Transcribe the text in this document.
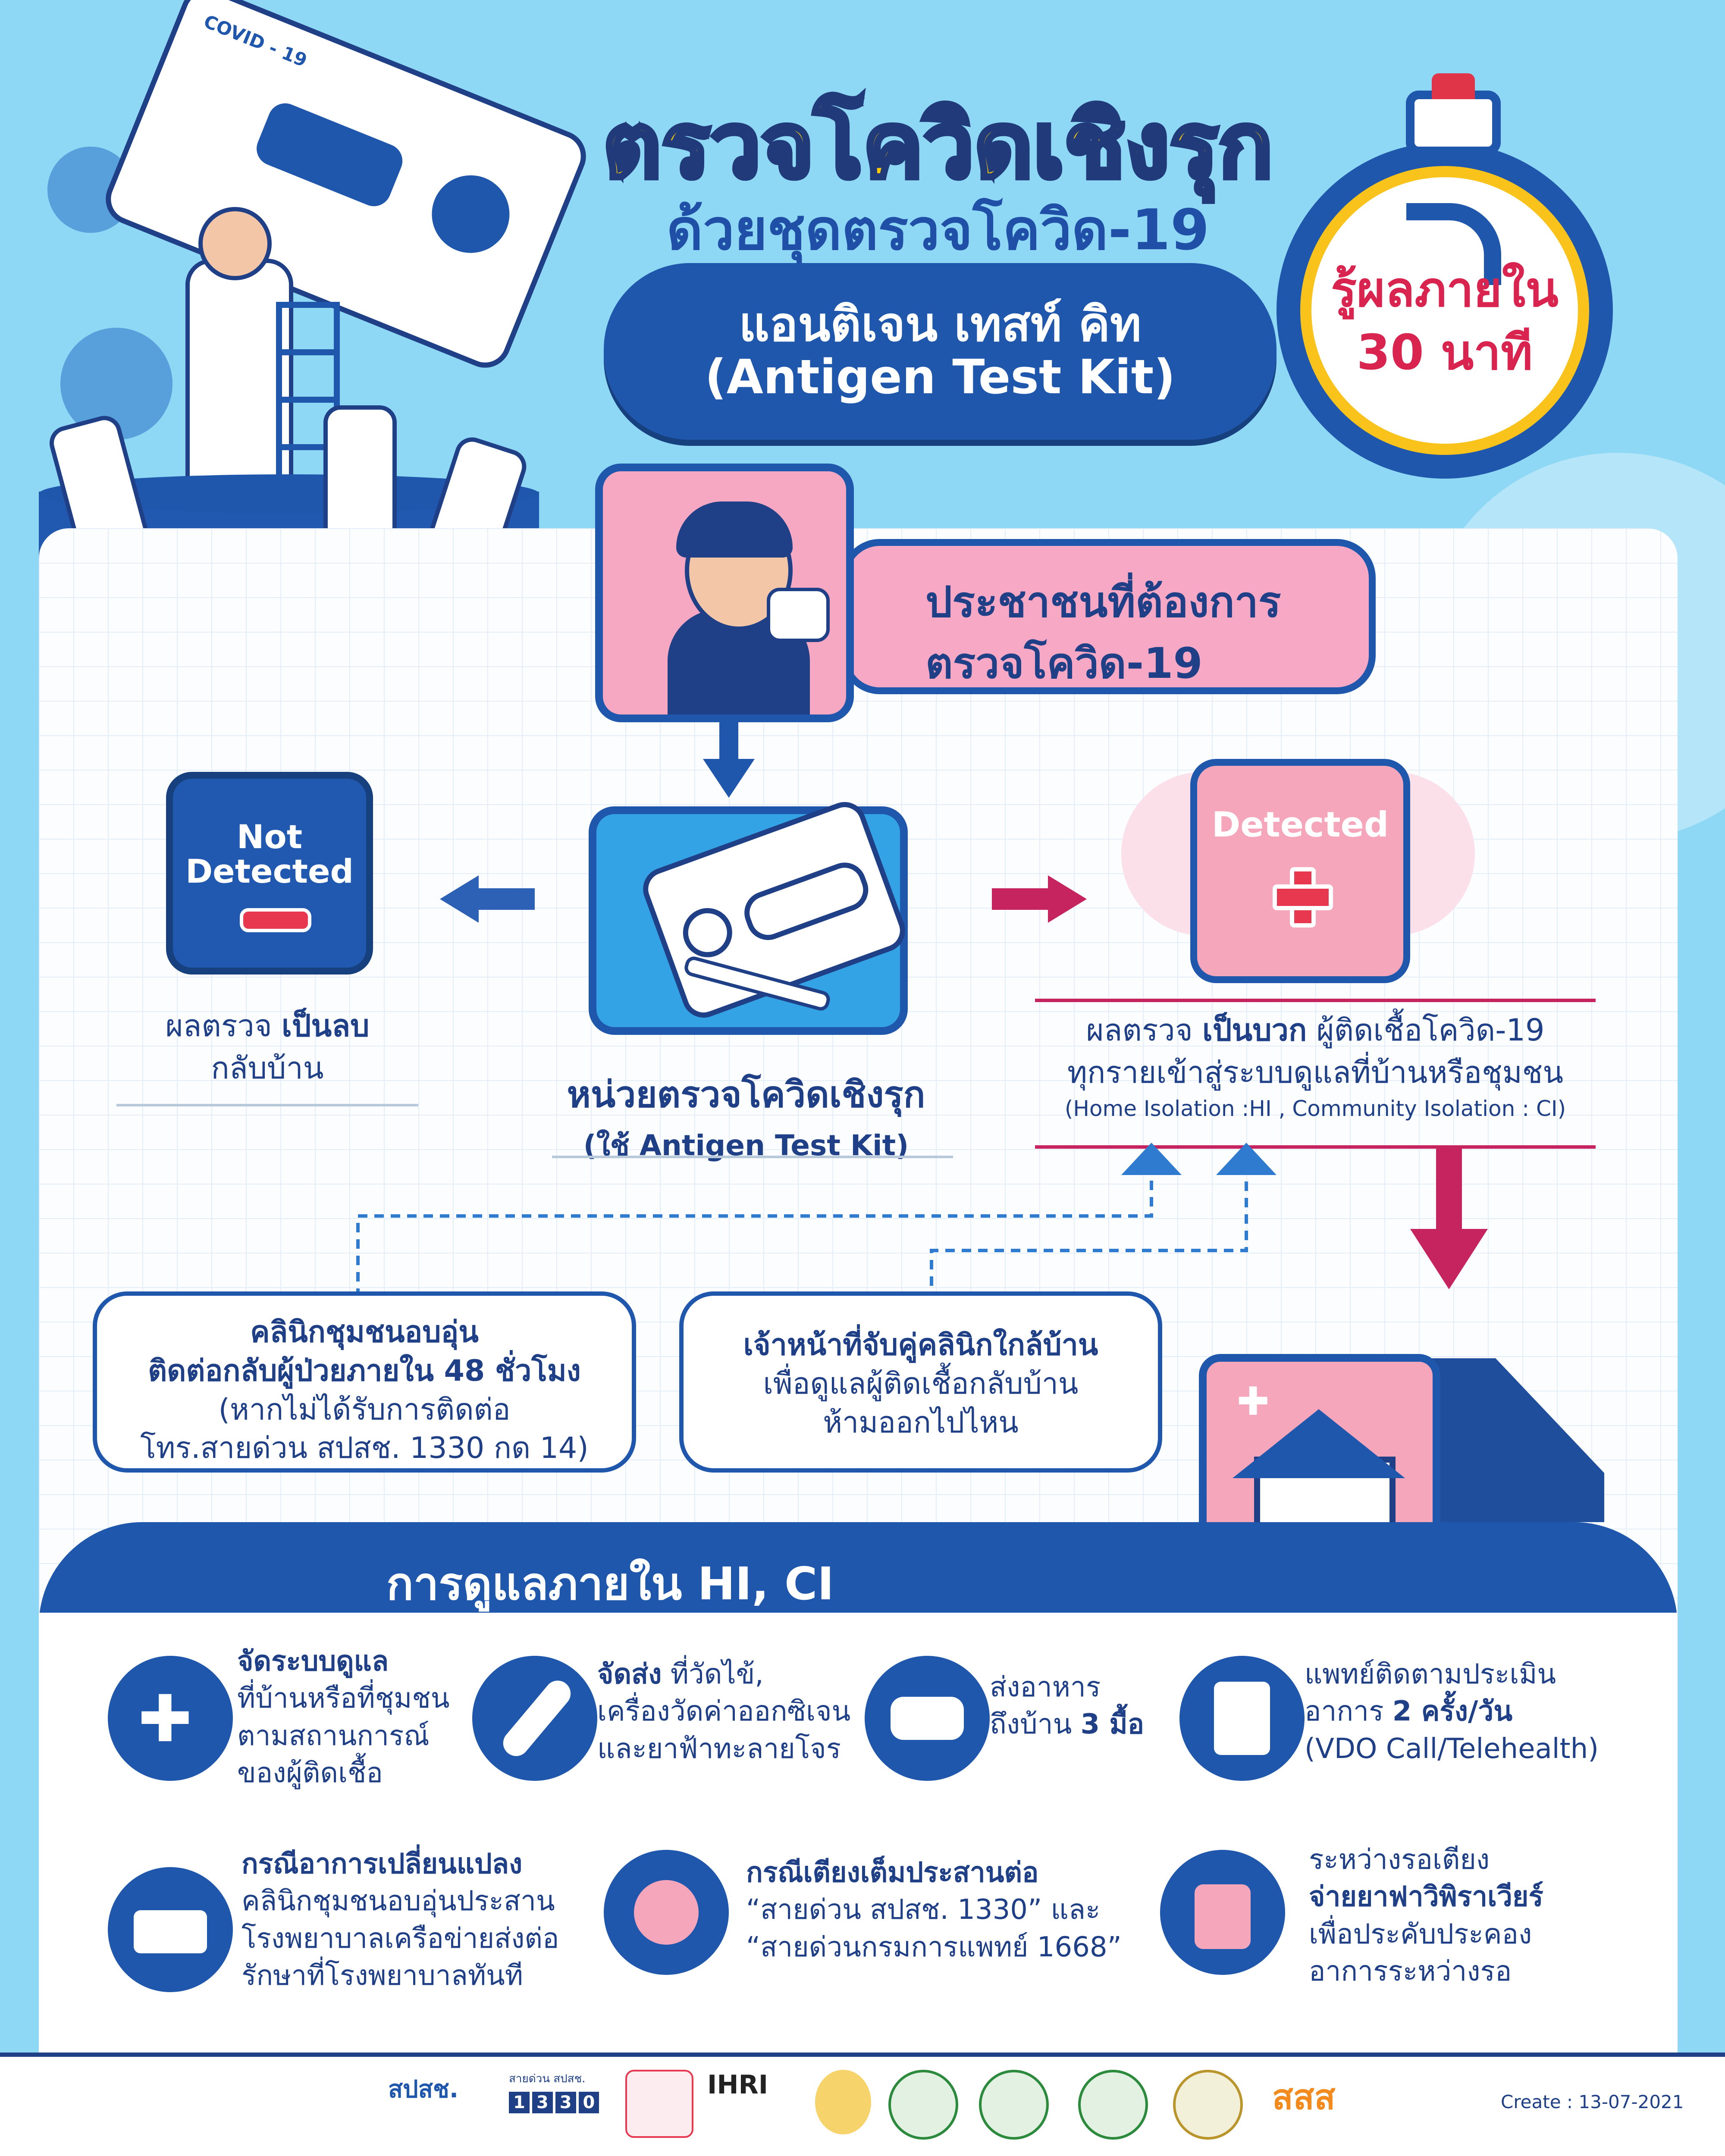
COVID - 19
ตรวจโควิดเชิงรุก
ด้วยชุดตรวจโควิด-19
แอนติเจน เทสท์ คิท
(Antigen Test Kit)
รู้ผลภายใน
30 นาที
ประชาชนที่ต้องการ
ตรวจโควิด-19
Not Detected
ผลตรวจ เป็นลบ
กลับบ้าน
หน่วยตรวจโควิดเชิงรุก
(ใช้ Antigen Test Kit)
Detected
ผลตรวจ เป็นบวก ผู้ติดเชื้อโควิด-19
ทุกรายเข้าสู่ระบบดูแลที่บ้านหรือชุมชน
(Home Isolation :HI , Community Isolation : CI)
คลินิกชุมชนอบอุ่น
ติดต่อกลับผู้ป่วยภายใน 48 ชั่วโมง
(หากไม่ได้รับการติดต่อ
โทร.สายด่วน สปสช. 1330 กด 14)
เจ้าหน้าที่จับคู่คลินิกใกล้บ้าน
เพื่อดูแลผู้ติดเชื้อกลับบ้าน
ห้ามออกไปไหน	✚
การดูแลภายใน HI, CI
✚
จัดระบบดูแล
ที่บ้านหรือที่ชุมชน
ตามสถานการณ์
ของผู้ติดเชื้อ
จัดส่ง ที่วัดไข้,
เครื่องวัดค่าออกซิเจน
และยาฟ้าทะลายโจร
ส่งอาหาร
ถึงบ้าน 3 มื้อ
แพทย์ติดตามประเมิน
อาการ 2 ครั้ง/วัน
(VDO Call/Telehealth)
กรณีอาการเปลี่ยนแปลง
คลินิกชุมชนอบอุ่นประสาน
โรงพยาบาลเครือข่ายส่งต่อ
รักษาที่โรงพยาบาลทันที
กรณีเตียงเต็มประสานต่อ
“สายด่วน สปสช. 1330” และ
“สายด่วนกรมการแพทย์ 1668”
ระหว่างรอเตียง
จ่ายยาฟาวิพิราเวียร์
เพื่อประคับประคอง
อาการระหว่างรอ
สปสช.	สายด่วน สปสช.
1 3 3 0
IHRI	สสส	Create : 13-07-2021
